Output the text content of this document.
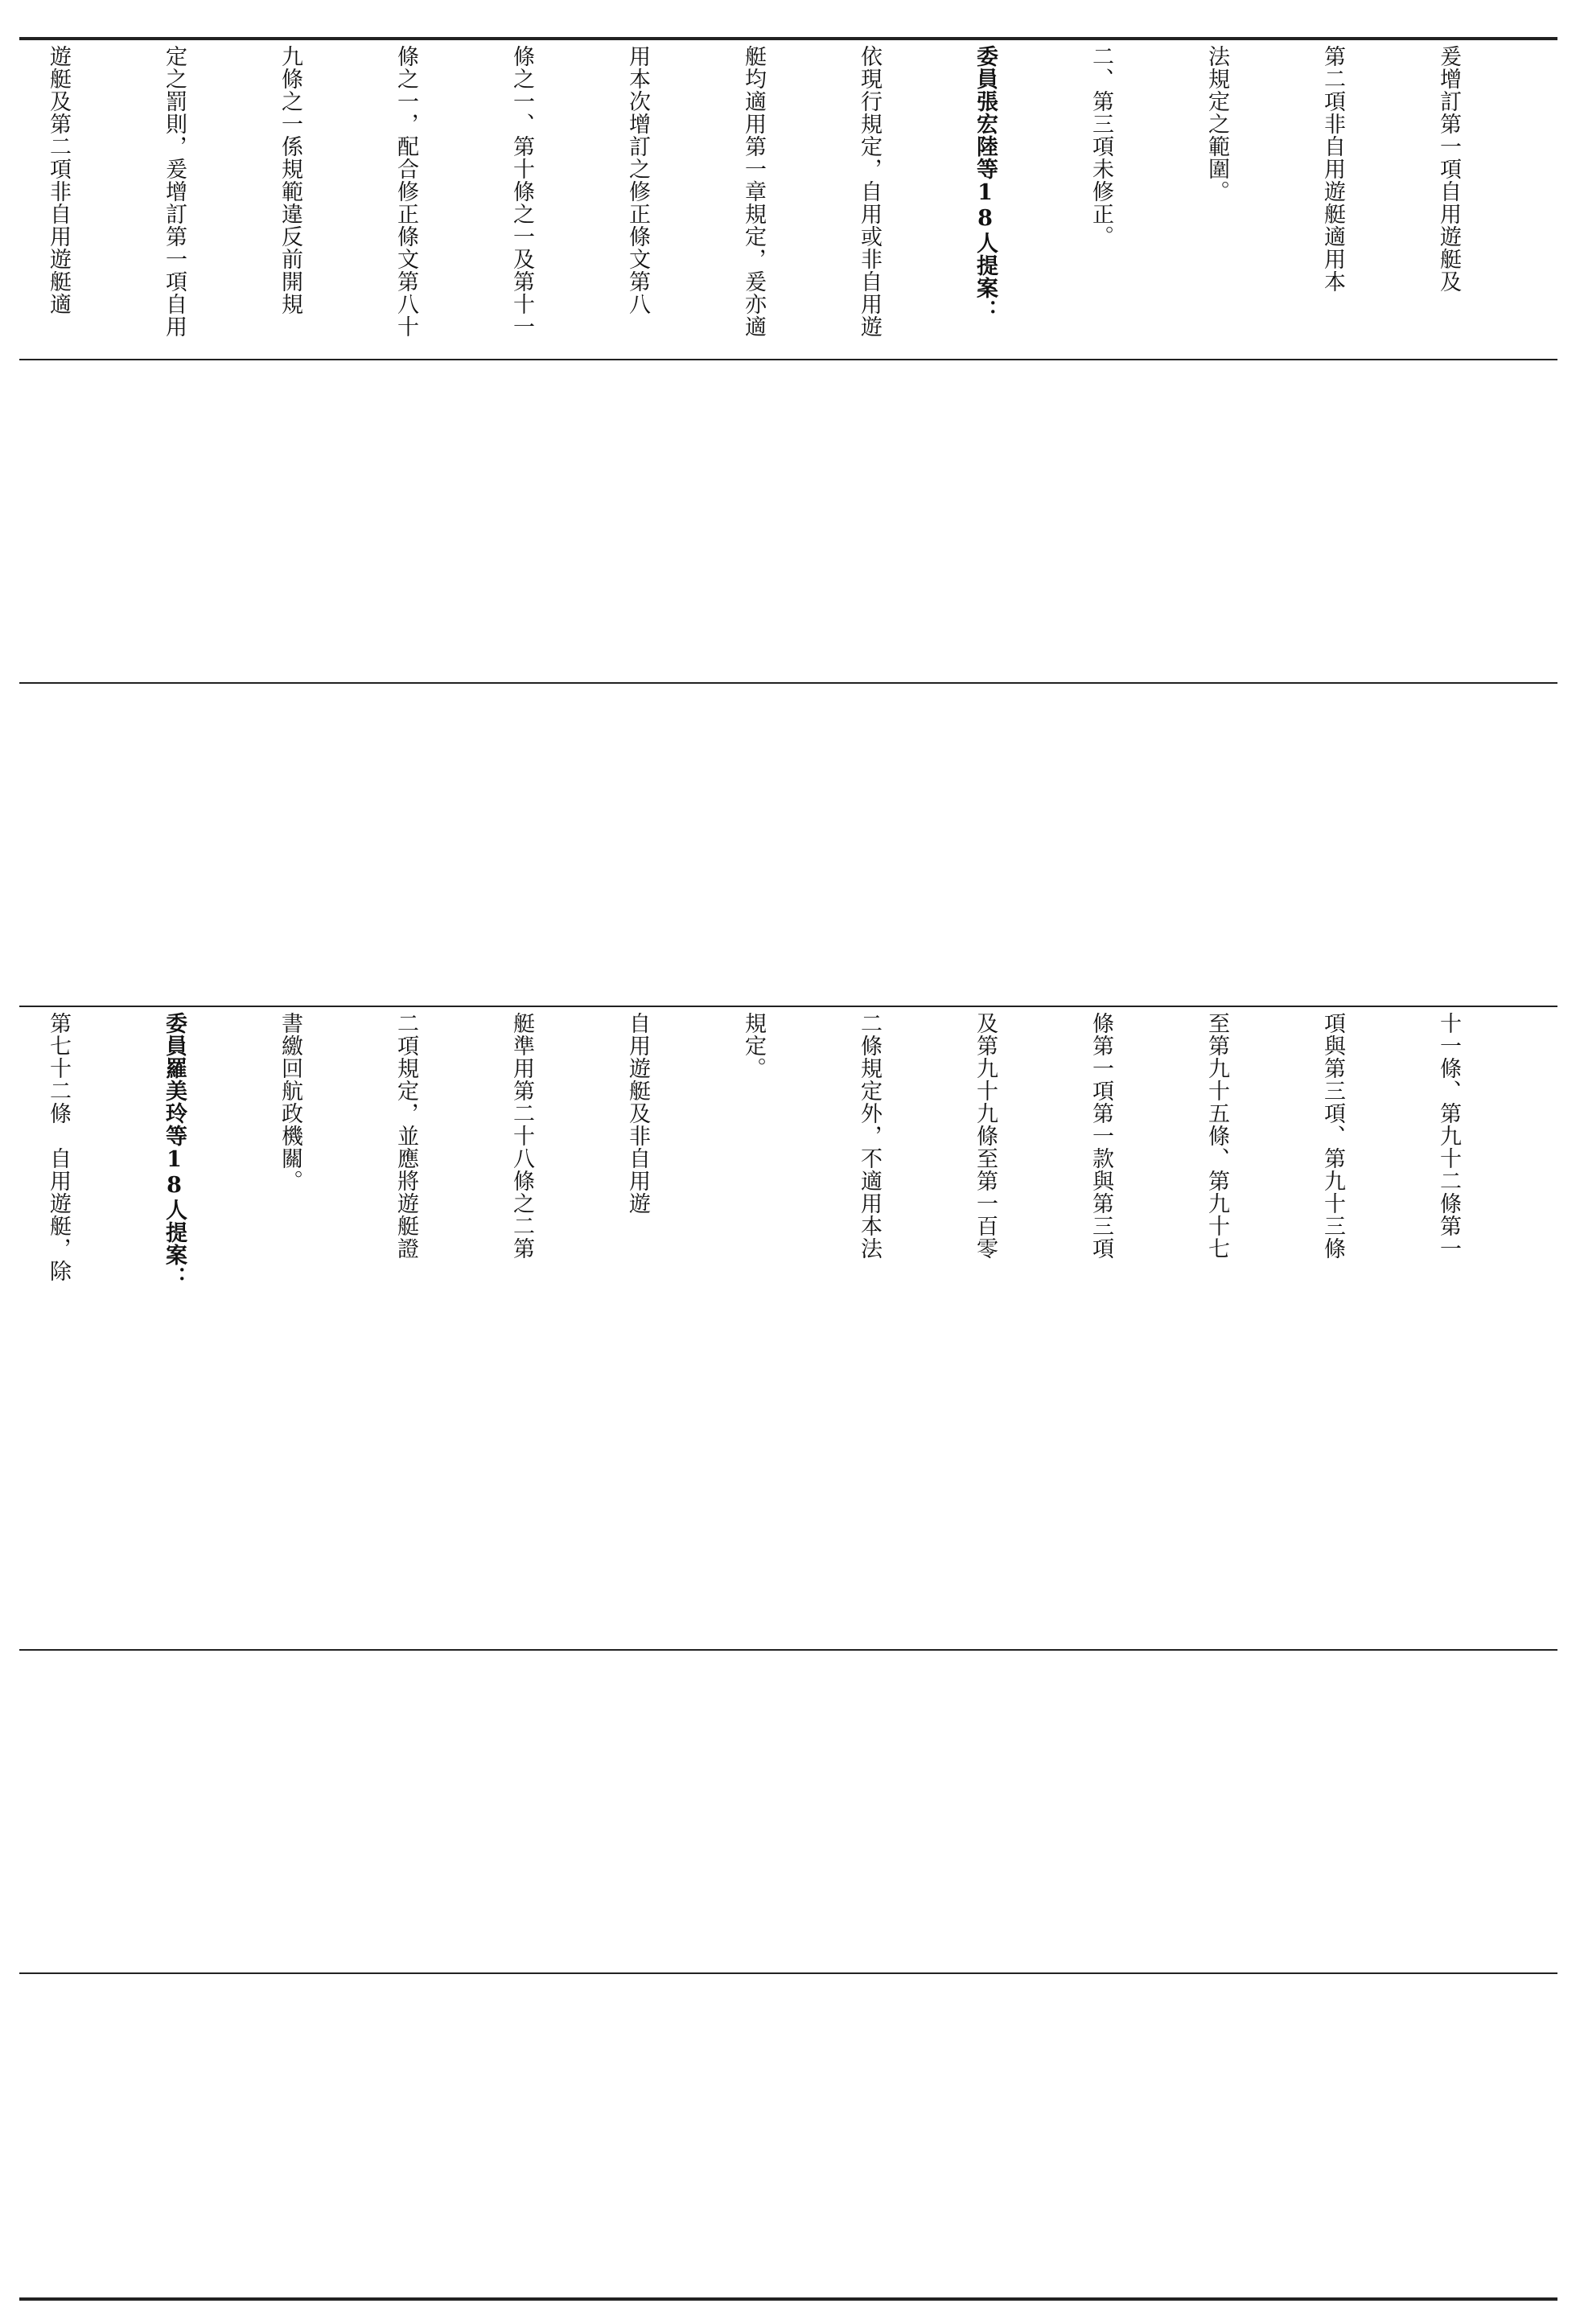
爰增訂第一項自用遊艇及

第二項非自用遊艇適用本

法規定之範圍。

二、第三項未修正。

委員張宏陸等18人提案：

依現行規定，自用或非自用遊

艇均適用第一章規定，爰亦適

用本次增訂之修正條文第八

條之一、第十條之一及第十一

條之一，配合修正條文第八十

九條之一係規範違反前開規

定之罰則，爰增訂第一項自用

遊艇及第二項非自用遊艇適

十一條、第九十二條第一

項與第三項、第九十三條

至第九十五條、第九十七

條第一項第一款與第三項

及第九十九條至第一百零

二條規定外，不適用本法

規定。

自用遊艇及非自用遊

艇準用第二十八條之二第

二項規定，並應將遊艇證

書繳回航政機關。

委員羅美玲等18人提案：

第七十二條　自用遊艇，除
